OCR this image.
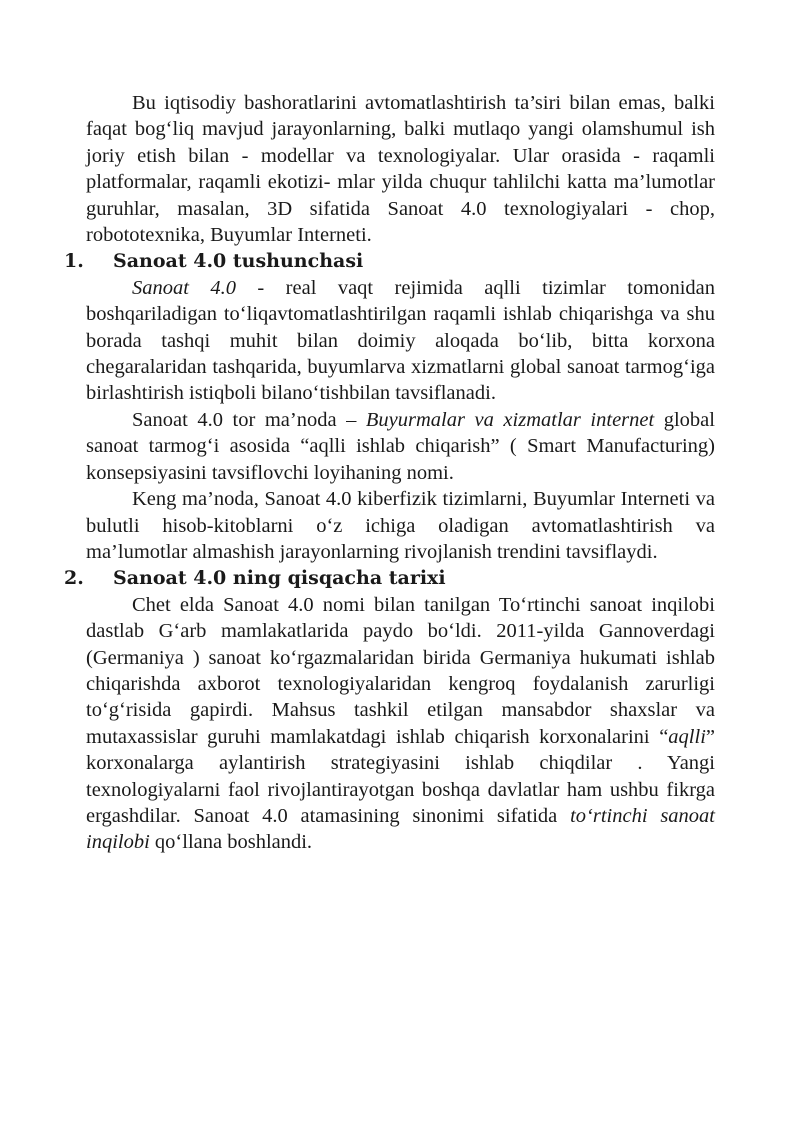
Bu iqtisodiy bashoratlarini avtomatlashtirish ta’siri bilan emas, balki faqat bog‘liq mavjud jarayonlarning, balki mutlaqo yangi olamshumul ish joriy etish bilan - modellar va texnologiyalar. Ular orasida - raqamli platformalar, raqamli ekotizi- mlar yilda chuqur tahlilchi katta ma’lumotlar guruhlar, masalan, 3D sifatida Sanoat 4.0 texnologiyalari - chop, robototexnika, Buyumlar Interneti.

1.	Sanoat 4.0 tushunchasi

Sanoat 4.0 - real vaqt rejimida aqlli tizimlar tomonidan boshqariladigan to‘liqavtomatlashtirilgan raqamli ishlab chiqarishga va shu borada tashqi muhit bilan doimiy aloqada bo‘lib, bitta korxona chegaralaridan tashqarida, buyumlarva xizmatlarni global sanoat tarmog‘iga birlashtirish istiqboli bilano‘tishbilan tavsiflanadi.

Sanoat 4.0 tor ma’noda – Buyurmalar va xizmatlar internet global sanoat tarmog‘i asosida “aqlli ishlab chiqarish” ( Smart Manufacturing) konsepsiyasini tavsiflovchi loyihaning nomi.

Keng ma’noda, Sanoat 4.0 kiberfizik tizimlarni, Buyumlar Interneti va bulutli hisob-kitoblarni o‘z ichiga oladigan avtomatlashtirish va ma’lumotlar almashish jarayonlarning rivojlanish trendini tavsiflaydi.

2.	Sanoat 4.0 ning qisqacha tarixi

Chet elda Sanoat 4.0 nomi bilan tanilgan To‘rtinchi sanoat inqilobi dastlab G‘arb mamlakatlarida paydo bo‘ldi. 2011-yilda Gannoverdagi (Germaniya ) sanoat ko‘rgazmalaridan birida Germaniya hukumati ishlab chiqarishda axborot texnologiyalaridan kengroq foydalanish zarurligi to‘g‘risida gapirdi. Mahsus tashkil etilgan mansabdor shaxslar va mutaxassislar guruhi mamlakatdagi ishlab chiqarish korxonalarini “aqlli” korxonalarga aylantirish strategiyasini ishlab chiqdilar . Yangi texnologiyalarni faol rivojlantirayotgan boshqa davlatlar ham ushbu fikrga ergashdilar. Sanoat 4.0 atamasining sinonimi sifatida to‘rtinchi sanoat inqilobi qo‘llana boshlandi.
